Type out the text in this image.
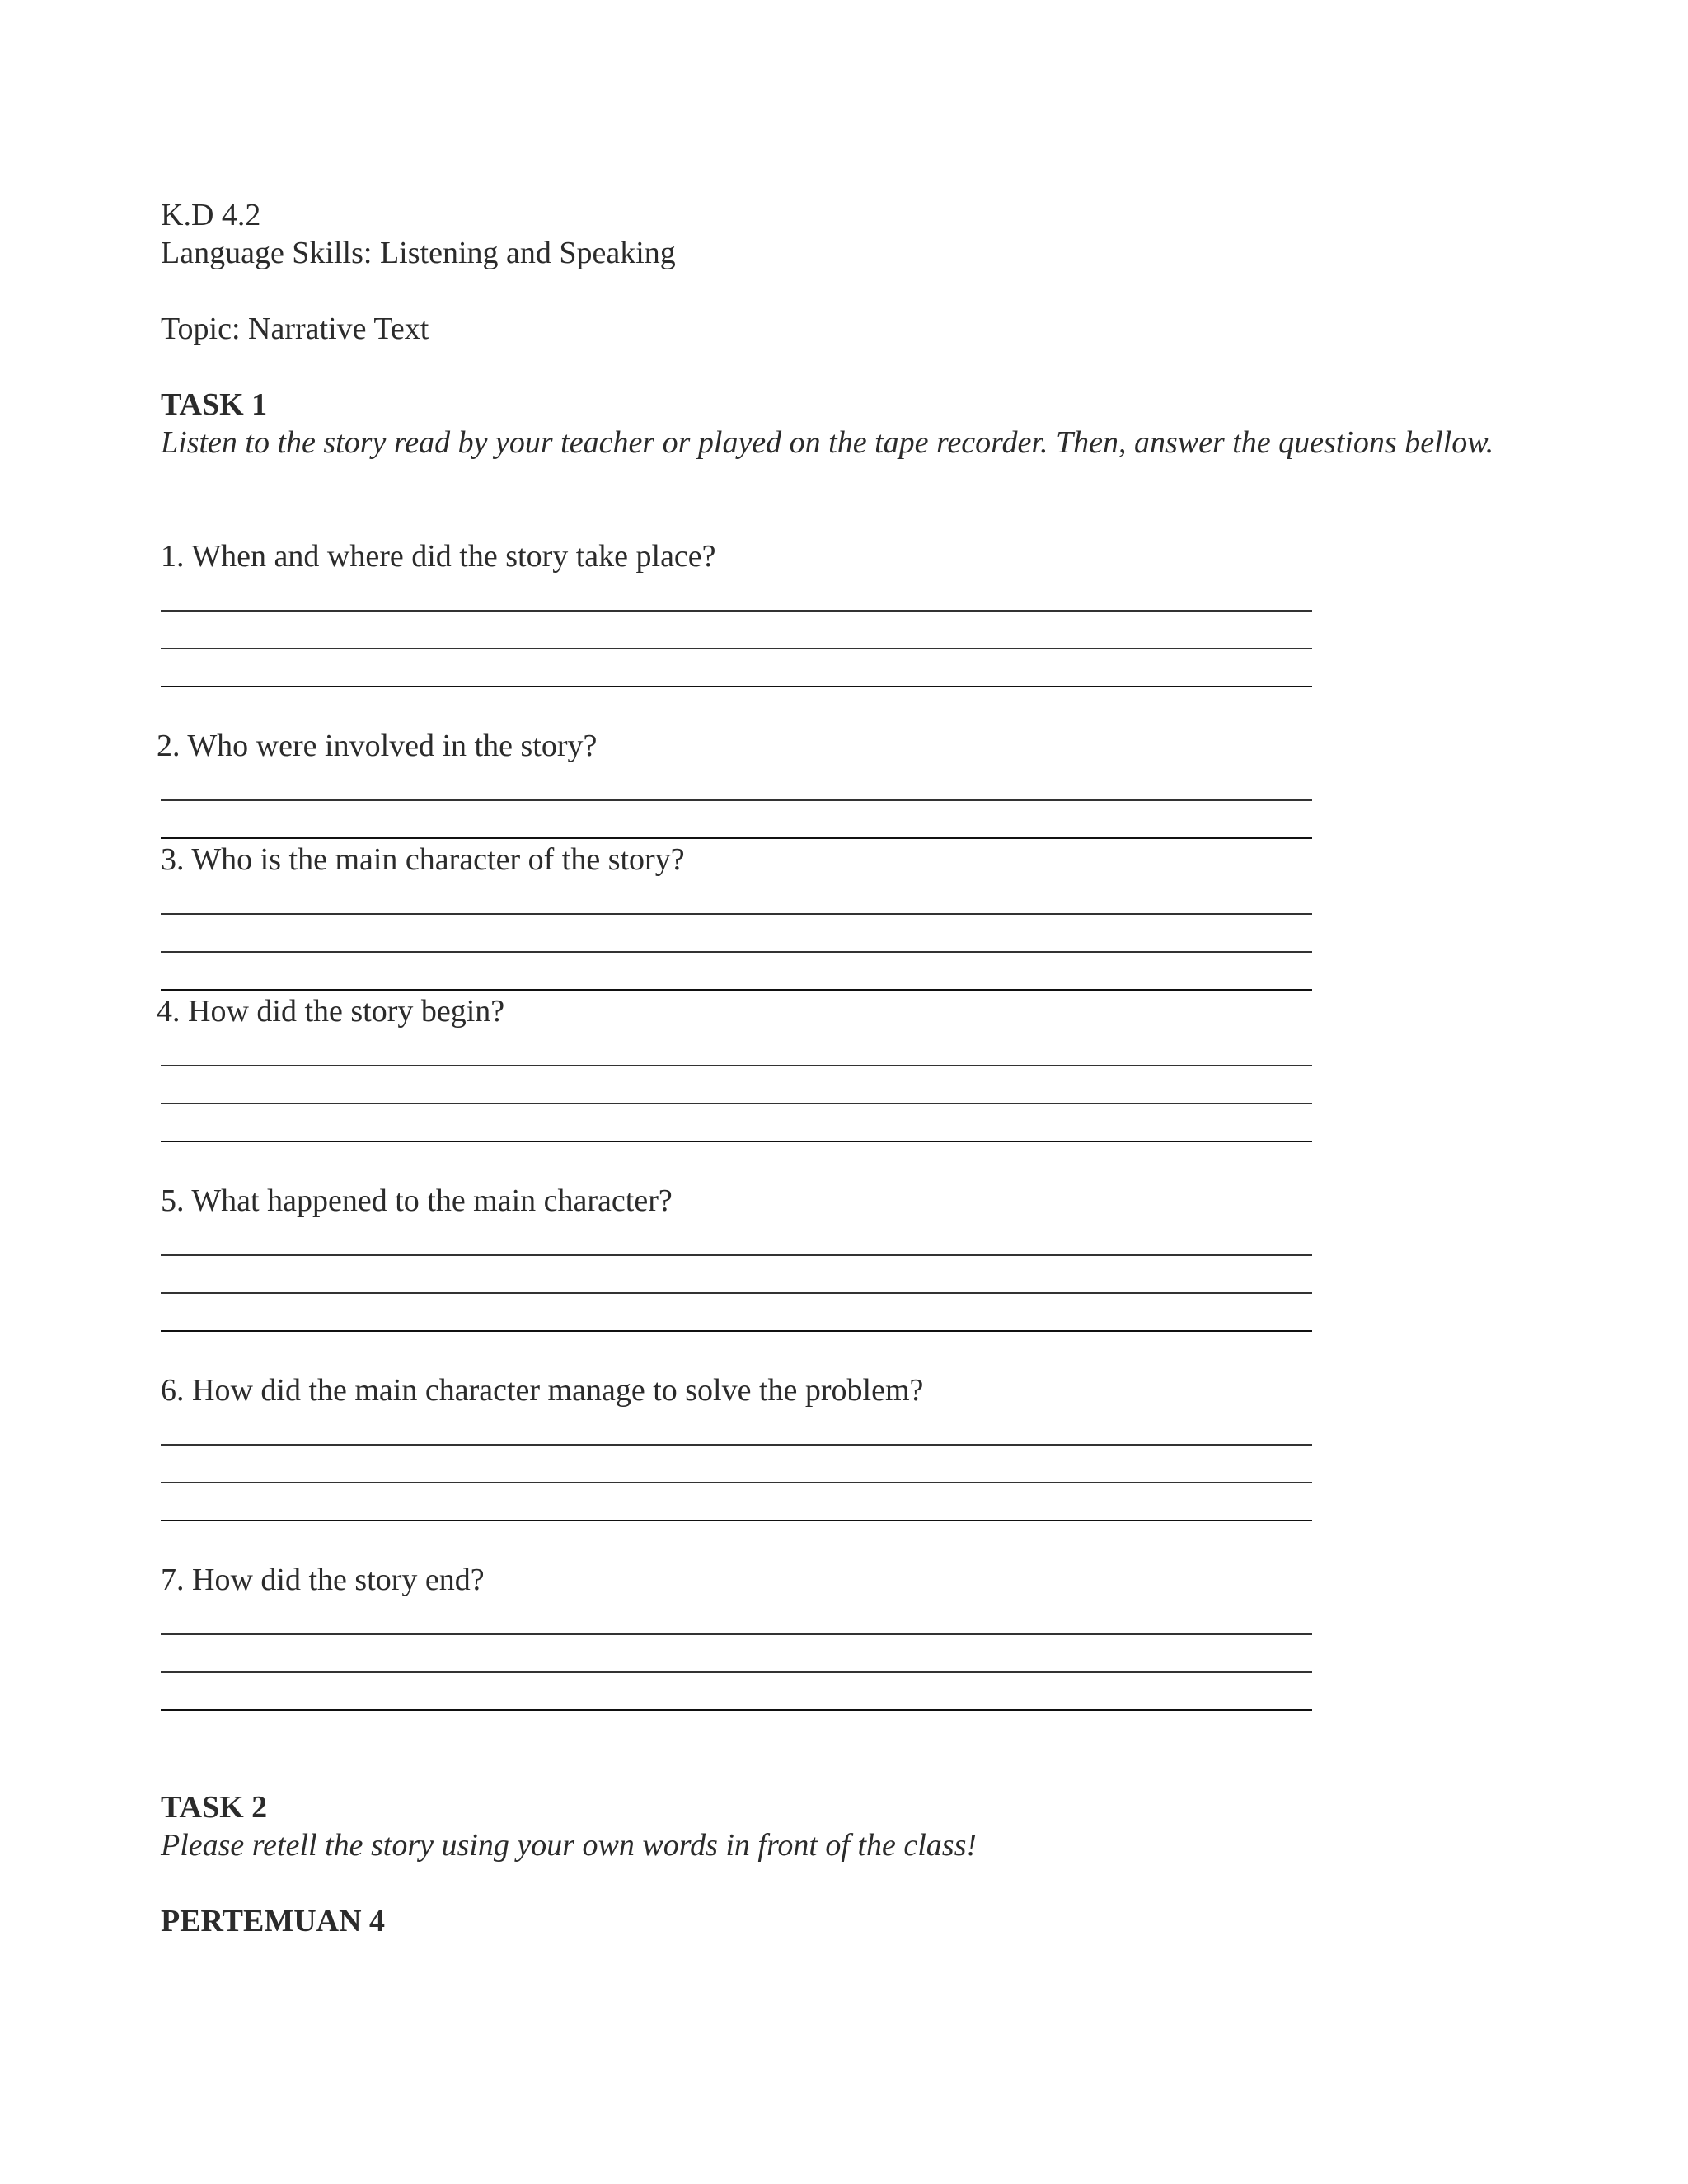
K.D 4.2

Language Skills: Listening and Speaking

Topic: Narrative Text

TASK 1

Listen to the story read by your teacher or played on the tape recorder. Then, answer the questions bellow.

1. When and where did the story take place?

2. Who were involved in the story?

3. Who is the main character of the story?

4. How did the story begin?

5. What happened to the main character?

6. How did the main character manage to solve the problem?

7. How did the story end?

TASK 2

Please retell the story using your own words in front of the class!

PERTEMUAN 4
